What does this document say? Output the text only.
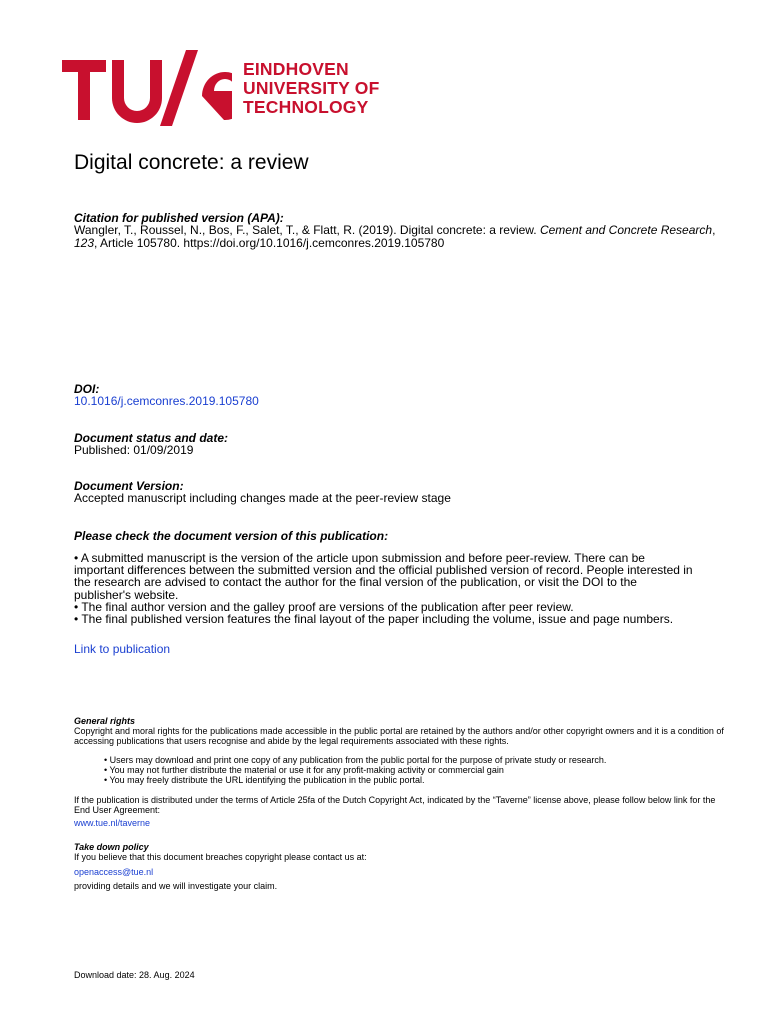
EINDHOVEN
UNIVERSITY OF
TECHNOLOGY
Digital concrete: a review
Citation for published version (APA):
Wangler, T., Roussel, N., Bos, F., Salet, T., & Flatt, R. (2019). Digital concrete: a review. Cement and Concrete Research, 123, Article 105780. https://doi.org/10.1016/j.cemconres.2019.105780
DOI:
10.1016/j.cemconres.2019.105780
Document status and date:
Published: 01/09/2019
Document Version:
Accepted manuscript including changes made at the peer-review stage
Please check the document version of this publication:
• A submitted manuscript is the version of the article upon submission and before peer-review. There can be important differences between the submitted version and the official published version of record. People interested in the research are advised to contact the author for the final version of the publication, or visit the DOI to the publisher's website.
• The final author version and the galley proof are versions of the publication after peer review.
• The final published version features the final layout of the paper including the volume, issue and page numbers.
Link to publication
General rights
Copyright and moral rights for the publications made accessible in the public portal are retained by the authors and/or other copyright owners and it is a condition of accessing publications that users recognise and abide by the legal requirements associated with these rights.
• Users may download and print one copy of any publication from the public portal for the purpose of private study or research.
• You may not further distribute the material or use it for any profit-making activity or commercial gain
• You may freely distribute the URL identifying the publication in the public portal.
If the publication is distributed under the terms of Article 25fa of the Dutch Copyright Act, indicated by the “Taverne” license above, please follow below link for the End User Agreement:
www.tue.nl/taverne
Take down policy
If you believe that this document breaches copyright please contact us at:
openaccess@tue.nl
providing details and we will investigate your claim.
Download date: 28. Aug. 2024
